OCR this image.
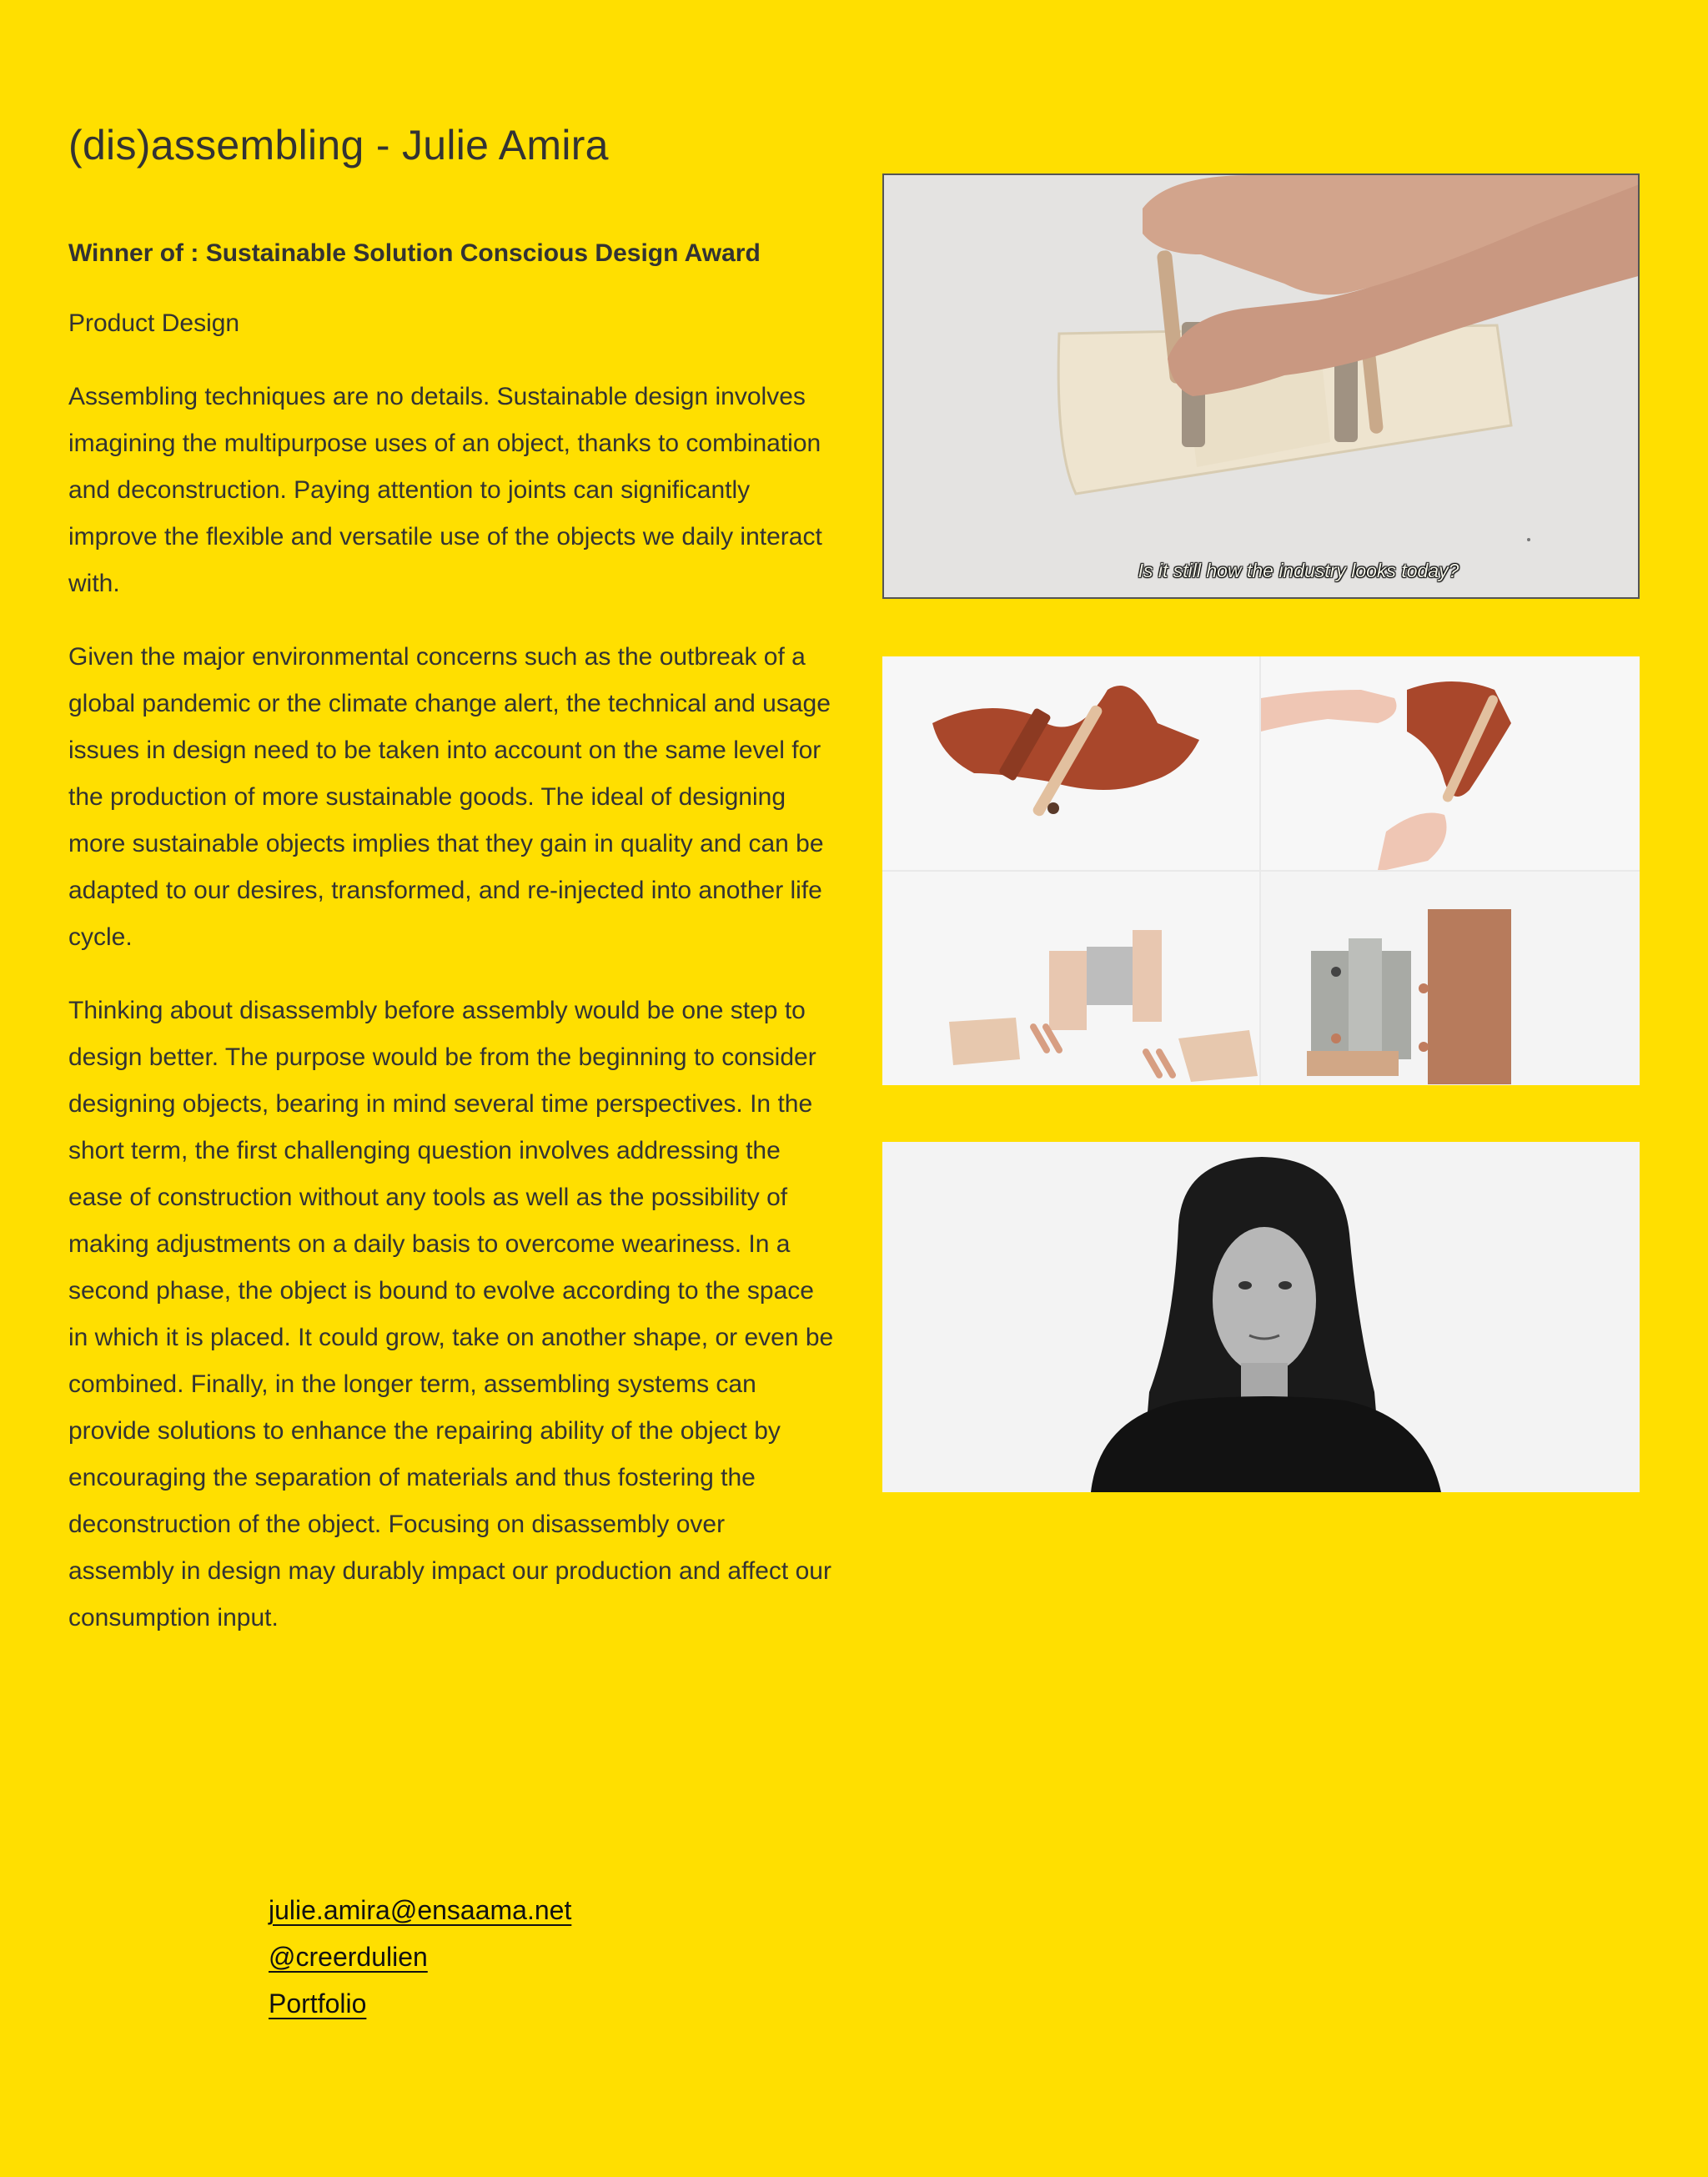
(dis)assembling - Julie Amira
Winner of : Sustainable Solution Conscious Design Award
Product Design

Assembling techniques are no details. Sustainable design involves imagining the multipurpose uses of an object, thanks to combination and deconstruction. Paying attention to joints can significantly improve the flexible and versatile use of the objects we daily interact with.

Given the major environmental concerns such as the outbreak of a global pandemic or the climate change alert, the technical and usage issues in design need to be taken into account on the same level for the production of more sustainable goods. The ideal of designing more sustainable objects implies that they gain in quality and can be adapted to our desires, transformed, and re-injected into another life cycle.

Thinking about disassembly before assembly would be one step to design better. The purpose would be from the beginning to consider designing objects, bearing in mind several time perspectives. In the short term, the first challenging question involves addressing the ease of construction without any tools as well as the possibility of making adjustments on a daily basis to overcome weariness. In a second phase, the object is bound to evolve according to the space in which it is placed. It could grow, take on another shape, or even be combined. Finally, in the longer term, assembling systems can provide solutions to enhance the repairing ability of the object by encouraging the separation of materials and thus fostering the deconstruction of the object. Focusing on disassembly over assembly in design may durably impact our production and affect our consumption input.

Is it still how the industry looks today?
julie.amira@ensaama.net
@creerdulien
Portfolio
